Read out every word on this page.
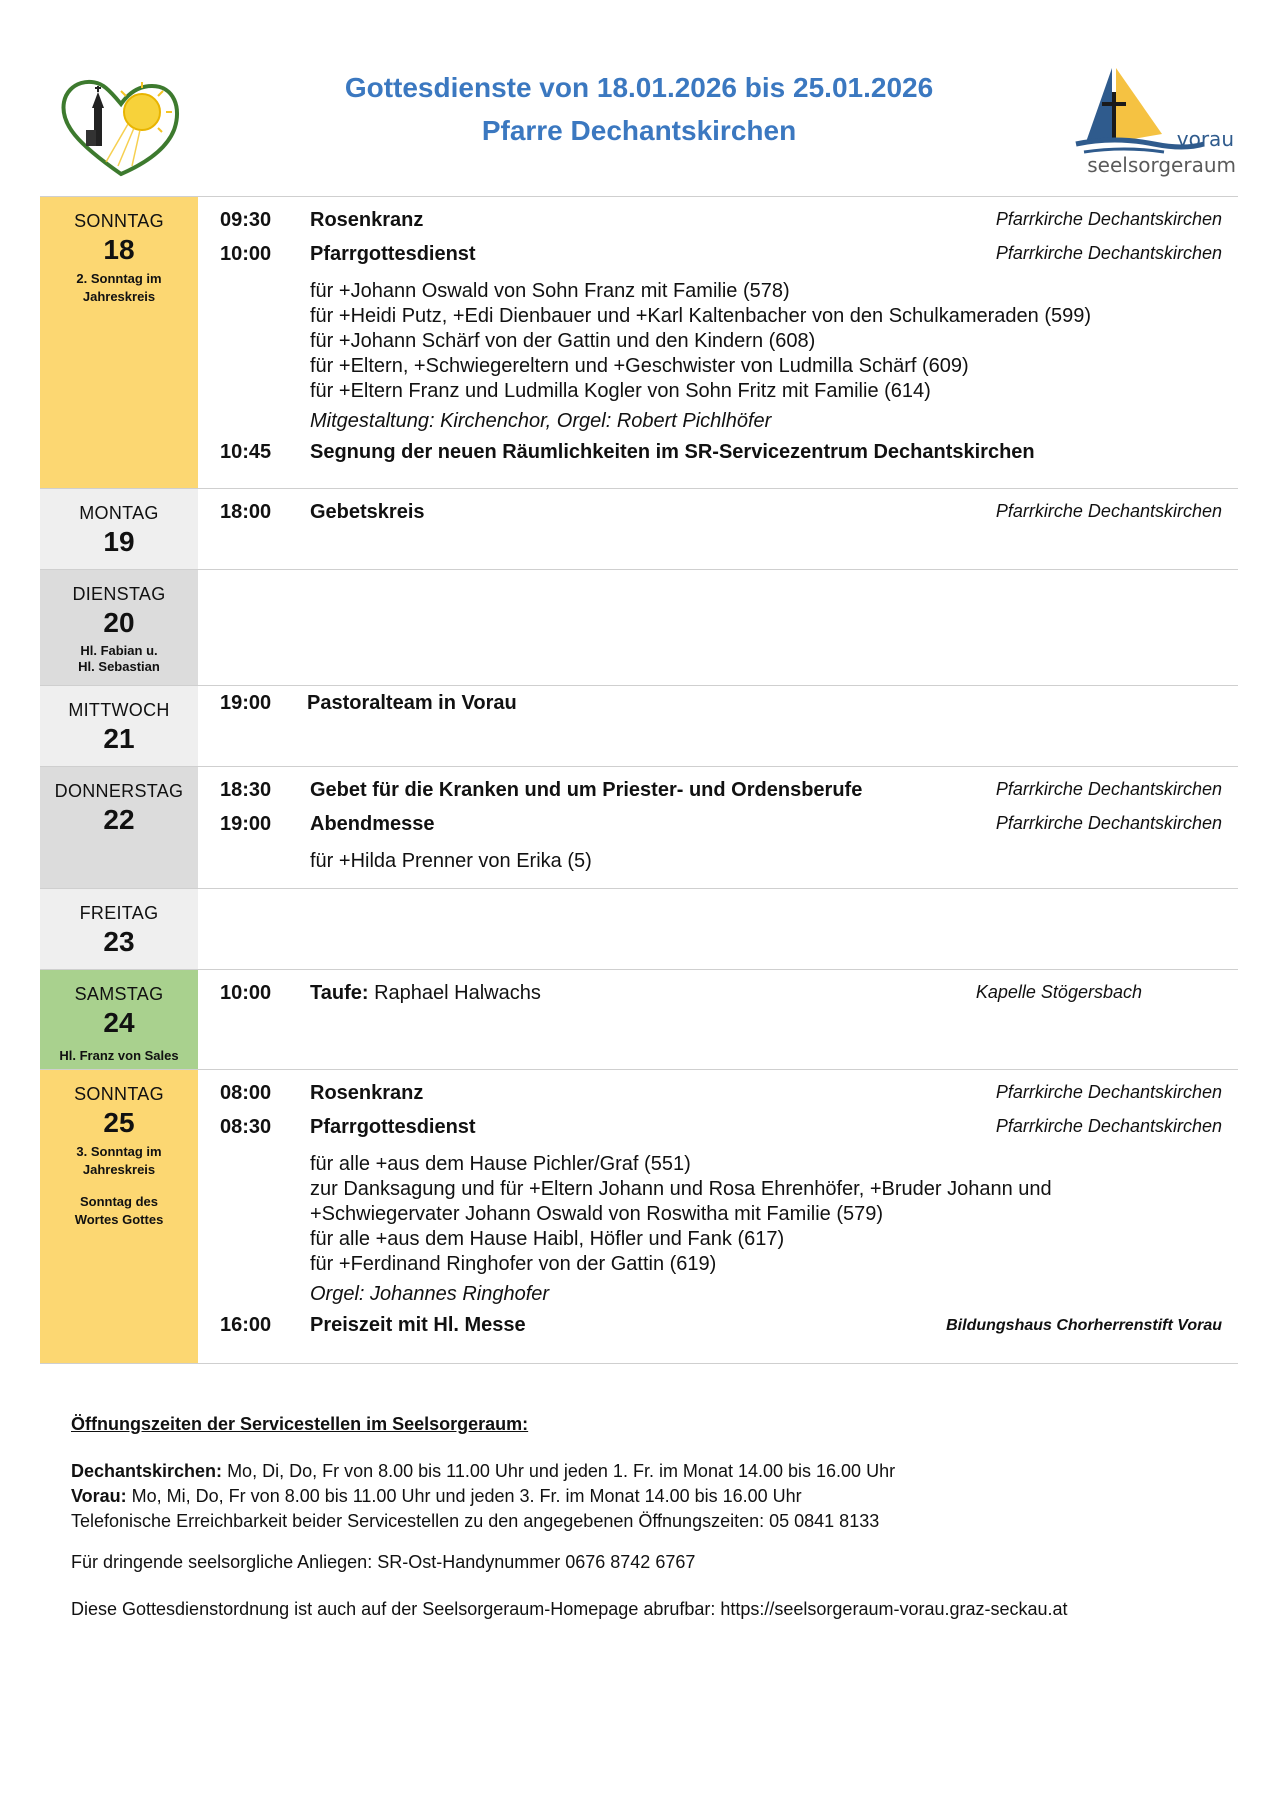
Gottesdienste von 18.01.2026 bis 25.01.2026
Pfarre Dechantskirchen	vorau
seelsorgeraum
SONNTAG
18
2. Sonntag im
Jahreskreis
09:30	Rosenkranz	Pfarrkirche Dechantskirchen
10:00	Pfarrgottesdienst	Pfarrkirche Dechantskirchen
für +Johann Oswald von Sohn Franz mit Familie (578)
für +Heidi Putz, +Edi Dienbauer und +Karl Kaltenbacher von den Schulkameraden (599)
für +Johann Schärf von der Gattin und den Kindern (608)
für +Eltern, +Schwiegereltern und +Geschwister von Ludmilla Schärf (609)
für +Eltern Franz und Ludmilla Kogler von Sohn Fritz mit Familie (614)
Mitgestaltung: Kirchenchor, Orgel: Robert Pichlhöfer
10:45	Segnung der neuen Räumlichkeiten im SR-Servicezentrum Dechantskirchen
MONTAG
19
18:00	Gebetskreis	Pfarrkirche Dechantskirchen
DIENSTAG
20
Hl. Fabian u.
Hl. Sebastian
MITTWOCH
21
19:00	Pastoralteam in Vorau
DONNERSTAG
22
18:30	Gebet für die Kranken und um Priester- und Ordensberufe	Pfarrkirche Dechantskirchen
19:00	Abendmesse	Pfarrkirche Dechantskirchen
für +Hilda Prenner von Erika (5)
FREITAG
23
SAMSTAG
24
Hl. Franz von Sales
10:00	Taufe: Raphael Halwachs	Kapelle Stögersbach
SONNTAG
25
3. Sonntag im
Jahreskreis
Sonntag des
Wortes Gottes
08:00	Rosenkranz	Pfarrkirche Dechantskirchen
08:30	Pfarrgottesdienst	Pfarrkirche Dechantskirchen
für alle +aus dem Hause Pichler/Graf (551)
zur Danksagung und für +Eltern Johann und Rosa Ehrenhöfer, +Bruder Johann und
+Schwiegervater Johann Oswald von Roswitha mit Familie (579)
für alle +aus dem Hause Haibl, Höfler und Fank (617)
für +Ferdinand Ringhofer von der Gattin (619)
Orgel: Johannes Ringhofer
16:00	Preiszeit mit Hl. Messe	Bildungshaus Chorherrenstift Vorau

Öffnungszeiten der Servicestellen im Seelsorgeraum:

Dechantskirchen: Mo, Di, Do, Fr von 8.00 bis 11.00 Uhr und jeden 1. Fr. im Monat 14.00 bis 16.00 Uhr

Vorau: Mo, Mi, Do, Fr von 8.00 bis 11.00 Uhr und jeden 3. Fr. im Monat 14.00 bis 16.00 Uhr

Telefonische Erreichbarkeit beider Servicestellen zu den angegebenen Öffnungszeiten: 05 0841 8133

Für dringende seelsorgliche Anliegen: SR-Ost-Handynummer 0676 8742 6767

Diese Gottesdienstordnung ist auch auf der Seelsorgeraum-Homepage abrufbar: https://seelsorgeraum-vorau.graz-seckau.at
